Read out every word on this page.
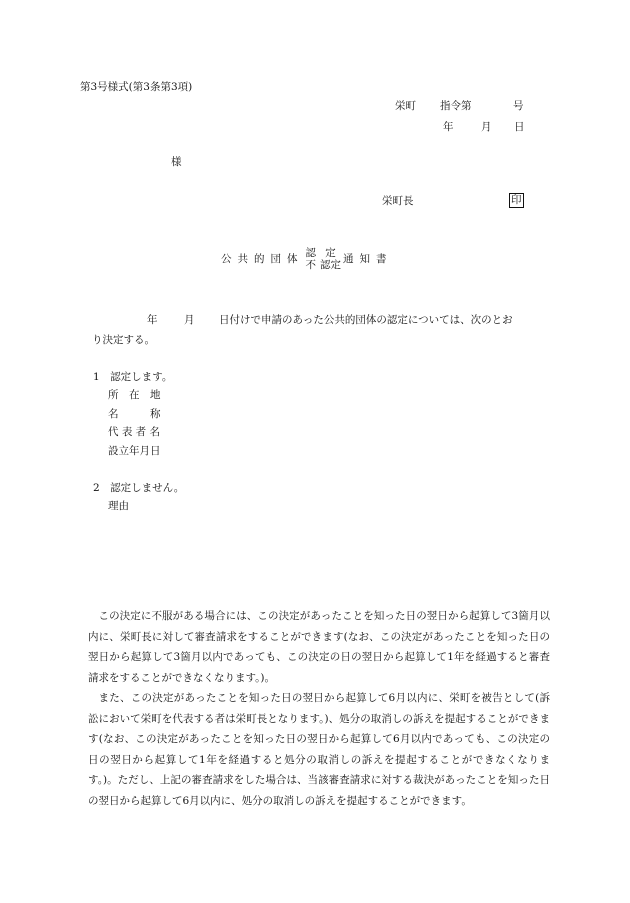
第3号様式(第3条第3項)
栄町 指令第	号
年	月 日
様
栄町長	印
公共的団体 認
不
定
認定 通知書
年	月 日付けで申請のあった公共的団体の認定については、次のとお
り決定する。
1　認定します。
所　在　地
名　　　称
代 表 者 名
設立年月日
2　認定しません。
理由

この決定に不服がある場合には、この決定があったことを知った日の翌日から起算して3箇月以内に、栄町長に対して審査請求をすることができます(なお、この決定があったことを知った日の翌日から起算して3箇月以内であっても、この決定の日の翌日から起算して1年を経過すると審査請求をすることができなくなります。)。

また、この決定があったことを知った日の翌日から起算して6月以内に、栄町を被告として(訴訟において栄町を代表する者は栄町長となります。)、処分の取消しの訴えを提起することができます(なお、この決定があったことを知った日の翌日から起算して6月以内であっても、この決定の日の翌日から起算して1年を経過すると処分の取消しの訴えを提起することができなくなります。)。ただし、上記の審査請求をした場合は、当該審査請求に対する裁決があったことを知った日の翌日から起算して6月以内に、処分の取消しの訴えを提起することができます。
